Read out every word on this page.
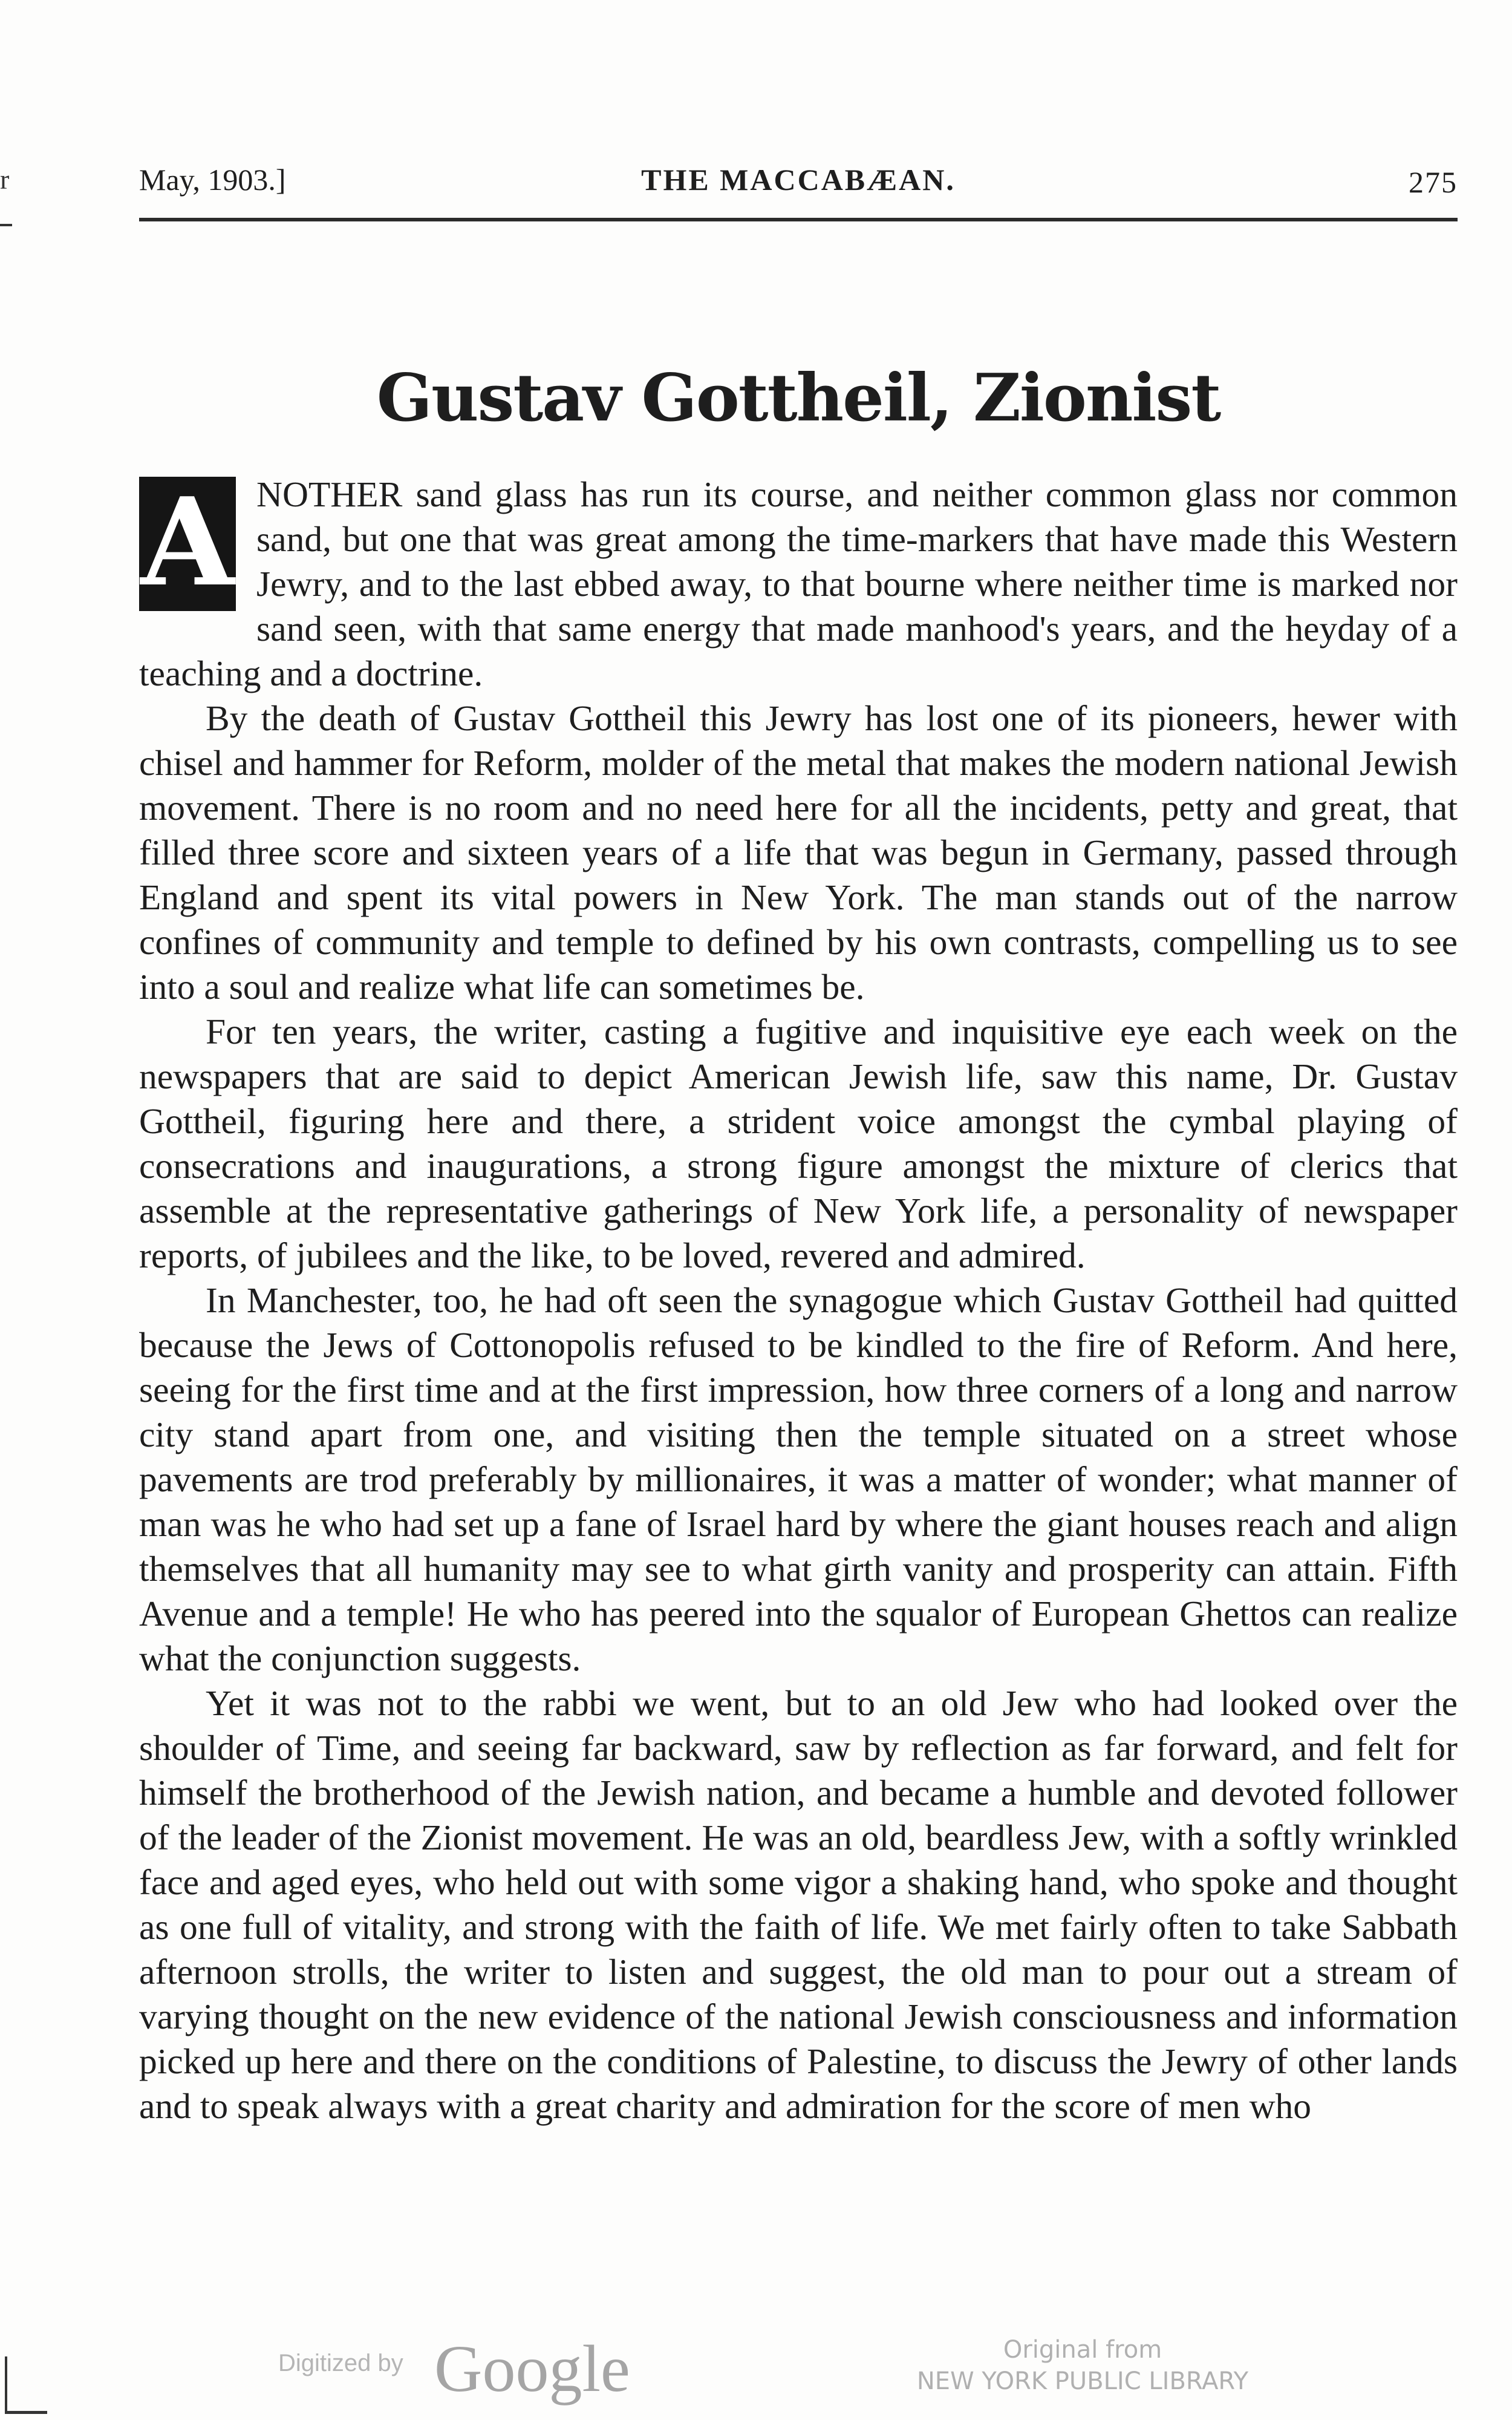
r	May, 1903.]	THE MACCABÆAN.	275
Gustav Gottheil, Zionist

A NOTHER sand glass has run its course, and neither common glass nor common sand, but one that was great among the time-markers that have made this Western Jewry, and to the last ebbed away, to that bourne where neither time is marked nor sand seen, with that same energy that made manhood's years, and the heyday of a teaching and a doctrine.

By the death of Gustav Gottheil this Jewry has lost one of its pioneers, hewer with chisel and hammer for Reform, molder of the metal that makes the modern national Jewish movement. There is no room and no need here for all the incidents, petty and great, that filled three score and sixteen years of a life that was begun in Germany, passed through England and spent its vital powers in New York. The man stands out of the narrow confines of community and temple to defined by his own contrasts, compelling us to see into a soul and realize what life can sometimes be.

For ten years, the writer, casting a fugitive and inquisitive eye each week on the newspapers that are said to depict American Jewish life, saw this name, Dr. Gustav Gottheil, figuring here and there, a strident voice amongst the cymbal playing of consecrations and inaugurations, a strong figure amongst the mixture of clerics that assemble at the representative gatherings of New York life, a personality of newspaper reports, of jubilees and the like, to be loved, revered and admired.

In Manchester, too, he had oft seen the synagogue which Gustav Gottheil had quitted because the Jews of Cottonopolis refused to be kindled to the fire of Reform. And here, seeing for the first time and at the first impression, how three corners of a long and narrow city stand apart from one, and visiting then the temple situated on a street whose pavements are trod preferably by millionaires, it was a matter of wonder; what manner of man was he who had set up a fane of Israel hard by where the giant houses reach and align themselves that all humanity may see to what girth vanity and prosperity can attain. Fifth Avenue and a temple! He who has peered into the squalor of European Ghettos can realize what the conjunction suggests.

Yet it was not to the rabbi we went, but to an old Jew who had looked over the shoulder of Time, and seeing far backward, saw by reflection as far forward, and felt for himself the brotherhood of the Jewish nation, and became a humble and devoted follower of the leader of the Zionist movement. He was an old, beardless Jew, with a softly wrinkled face and aged eyes, who held out with some vigor a shaking hand, who spoke and thought as one full of vitality, and strong with the faith of life. We met fairly often to take Sabbath afternoon strolls, the writer to listen and suggest, the old man to pour out a stream of varying thought on the new evidence of the national Jewish consciousness and information picked up here and there on the conditions of Palestine, to discuss the Jewry of other lands and to speak always with a great charity and admiration for the score of men who

Digitized by Google	Original from
NEW YORK PUBLIC LIBRARY
